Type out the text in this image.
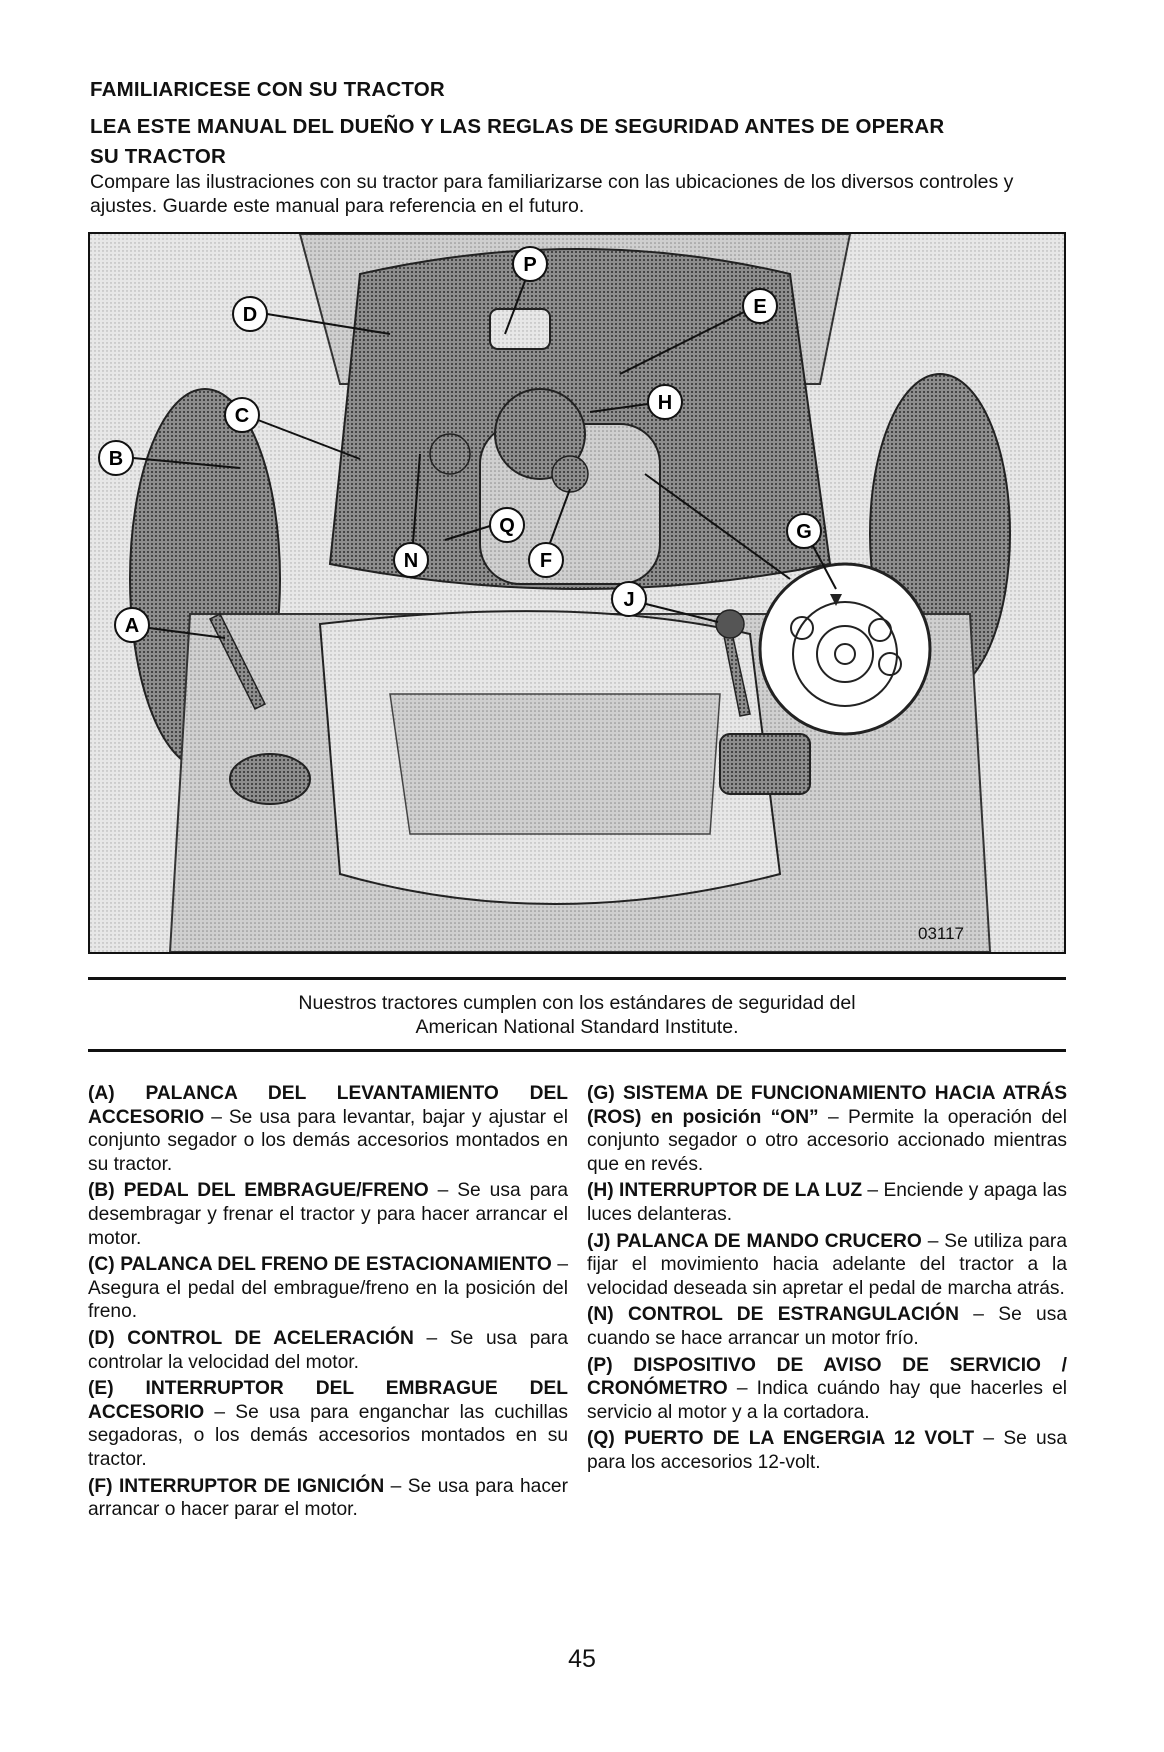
FAMILIARICESE CON SU TRACTOR
LEA ESTE MANUAL DEL DUEÑO Y LAS REGLAS DE SEGURIDAD ANTES DE OPERAR
SU TRACTOR
Compare las ilustraciones con su tractor para familiarizarse con las ubicaciones de los diversos controles y ajustes. Guarde este manual para referencia en el futuro.
P
D	E
C
H
B
Q	G
N	F
J
A
03117
Nuestros tractores cumplen con los estándares de seguridad del
American National Standard Institute.

(A) PALANCA DEL LEVANTAMIENTO DEL ACCESORIO – Se usa para levantar, bajar y ajustar el conjunto segador o los demás accesorios montados en su tractor.

(B) PEDAL DEL EMBRAGUE/FRENO – Se usa para desembragar y frenar el tractor y para hacer arrancar el motor.

(C) PALANCA DEL FRENO DE ESTACIONAMIENTO – Asegura el pedal del embrague/freno en la posición del freno.

(D) CONTROL DE ACELERACIÓN – Se usa para controlar la velocidad del motor.

(E) INTERRUPTOR DEL EMBRAGUE DEL ACCESORIO – Se usa para enganchar las cuchillas segadoras, o los demás accesorios montados en su tractor.

(F) INTERRUPTOR DE IGNICIÓN – Se usa para hacer arrancar o hacer parar el motor.

(G) SISTEMA DE FUNCIONAMIENTO HACIA ATRÁS (ROS) en posición “ON” – Permite la operación del conjunto segador o otro accesorio accionado mientras que en revés.

(H) INTERRUPTOR DE LA LUZ – Enciende y apaga las luces delanteras.

(J) PALANCA DE MANDO CRUCERO – Se utiliza para fijar el movimiento hacia adelante del tractor a la velocidad deseada sin apretar el pedal de marcha atrás.

(N) CONTROL DE ESTRANGULACIÓN – Se usa cuando se hace arrancar un motor frío.

(P) DISPOSITIVO DE AVISO DE SERVICIO / CRONÓMETRO – Indica cuándo hay que hacerles el servicio al motor y a la cortadora.

(Q) PUERTO DE LA ENGERGIA 12 VOLT – Se usa para los accesorios 12-volt.

45
